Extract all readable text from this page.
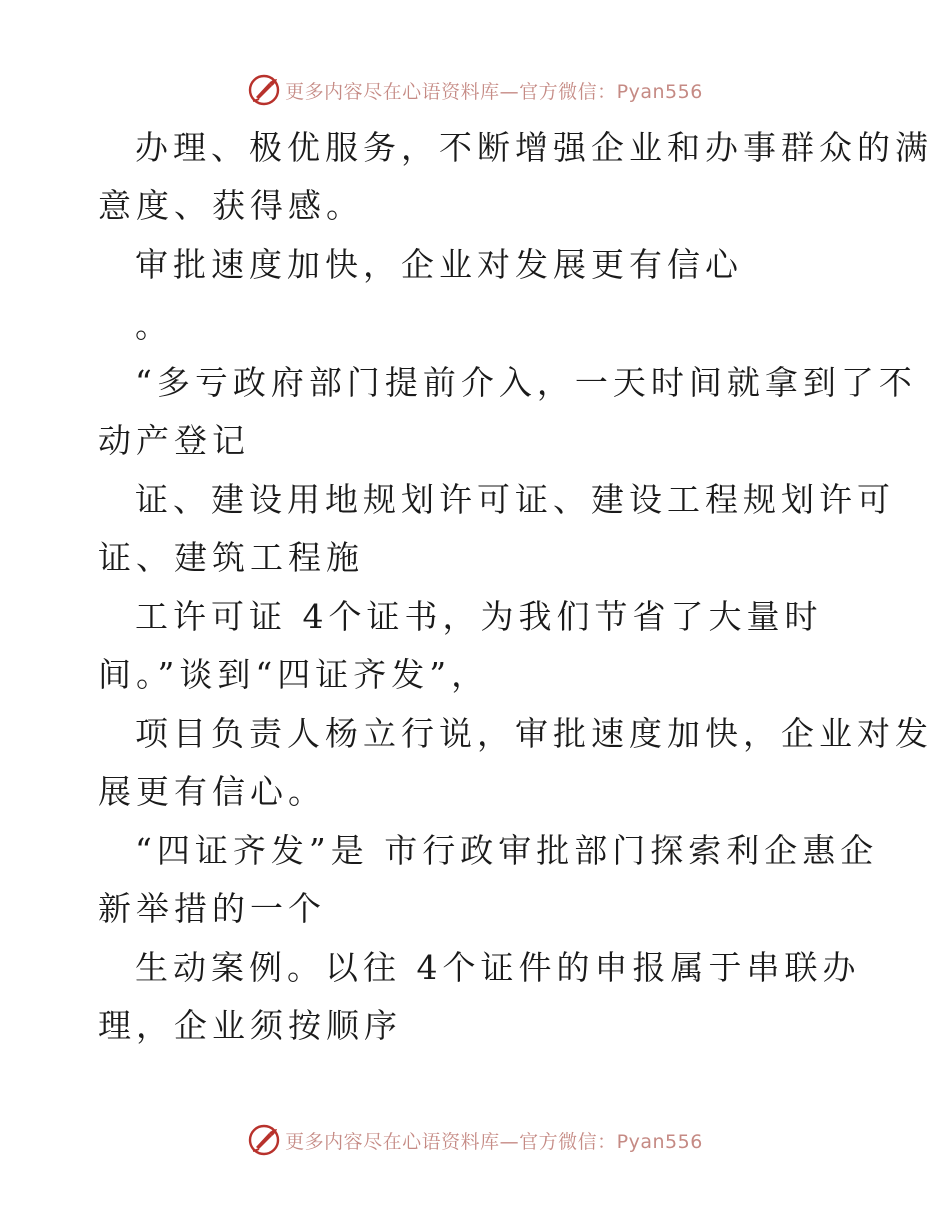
更多内容尽在心语资料库—官方微信：Pyan556
办理、极优服务，不断增强企业和办事群众的满
意度、获得感。
审批速度加快，企业对发展更有信心
。
“多亏政府部门提前介入，一天时间就拿到了不
动产登记
证、建设用地规划许可证、建设工程规划许可
证、建筑工程施
工许可证 4个证书，为我们节省了大量时
间。”谈到“四证齐发”，
项目负责人杨立行说，审批速度加快，企业对发
展更有信心。
“四证齐发”是 市行政审批部门探索利企惠企
新举措的一个
生动案例。以往 4个证件的申报属于串联办
理，企业须按顺序
更多内容尽在心语资料库—官方微信：Pyan556
